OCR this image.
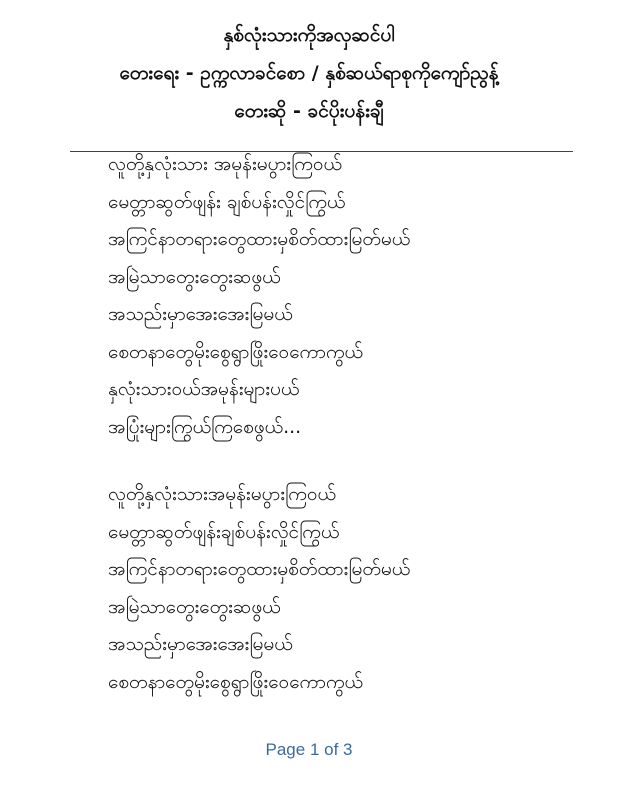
နှစ်လုံးသားကိုအလှဆင်ပါ
တေးရေး - ဥက္ကလာခင်စော / နှစ်ဆယ်ရာစုကိုကျော်ညွန့်
တေးဆို - ခင်ပိုးပန်းချီ
လူတို့နှလုံးသား အမုန်းမပွားကြဝယ်
မေတ္တာဆွတ်ဖျန်း ချစ်ပန်းလှိုင်ကြွယ်
အကြင်နာတရားတွေထားမှစိတ်ထားမြတ်မယ်
အမြဲသာတွေးတွေးဆဖွယ်
အသည်းမှာအေးအေးမြမယ်
စေတနာတွေမိုးစွေရွာဖြိုးဝေကောကွယ်
နှလုံးသားဝယ်အမုန်းများပယ်
အပြုံးများကြွယ်ကြစေဖွယ်...
လူတို့နှလုံးသားအမုန်းမပွားကြဝယ်
မေတ္တာဆွတ်ဖျန်းချစ်ပန်းလှိုင်ကြွယ်
အကြင်နာတရားတွေထားမှစိတ်ထားမြတ်မယ်
အမြဲသာတွေးတွေးဆဖွယ်
အသည်းမှာအေးအေးမြမယ်
စေတနာတွေမိုးစွေရွာဖြိုးဝေကောကွယ်
Page 1 of 3
